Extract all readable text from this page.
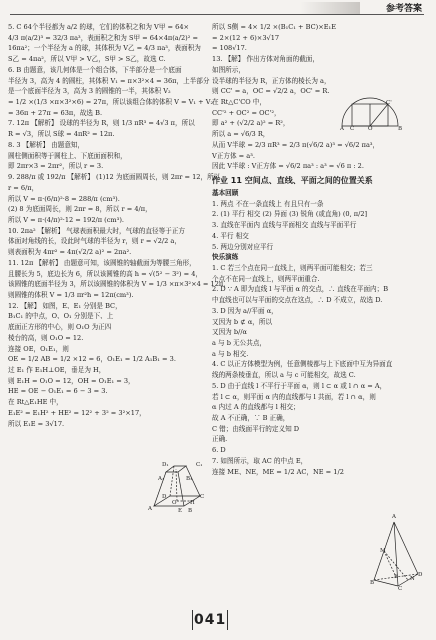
参考答案

5. C 64个半径都为 a/2 的球，它们的体积之和为 V甲 = 64×

4/3 π(a/2)³ = 32/3 πa³，表面积之和为 S甲 = 64×4π(a/2)² =

16πa²；一个半径为 a 的球，其体积为 V乙 = 4/3 πa³，表面积为

S乙 = 4πa²，所以 V甲 > V乙，S甲 > S乙，故选 C.

6. B 由题意，该几何体是一个组合体，下半部分是一个底面

半径为 3，高为 4 的圆柱，其体积 V₁ = π×3²×4 = 36π，上半部分

是一个底面半径为 3，高为 3 的圆锥的一半，其体积 V₂

= 1/2 ×(1/3 ×π×3²×6) = 27π，所以该组合体的体积 V = V₁ + V₂

= 36π + 27π = 63π，故选 B.

7. 12π 【解析】 设球的半径为 R，则 1/3 πR³ = 4√3 π，所以

R = √3，所以 S球 = 4πR² = 12π.

8. 3 【解析】 由题意知，

圆柱侧面积等于圆柱上、下底面面积和，

即 2πr×3 = 2πr²，所以 r = 3.

9. 288/π 或 192/π 【解析】 (1)12 为底面圆周长，则 2πr = 12，所以

r = 6/π，

所以 V = π·(6/π)²·8 = 288/π (cm³).

(2) 8 为底面周长，则 2πr = 8，所以 r = 4/π，

所以 V = π·(4/π)²·12 = 192/π (cm³).

10. 2πa² 【解析】 气球表面积最大时，气球的直径等于正方

体面对角线的长，设此时气球的半径为 r，则 r = √2/2 a，

则表面积为 4πr² = 4π(√2/2 a)² = 2πa².

11. 12π 【解析】 由题意可知，该圆锥的轴截面为等腰三角形，

且腰长为 5，底边长为 6，所以该圆锥的高 h = √(5² − 3²) = 4，

该圆锥的底面半径为 3，所以该圆锥的体积为 V = 1/3 ×π×3²×4 = 12π，

则圆锥的体积 V = 1/3 πr²h = 12π(cm³).

12. 【解】 如图，E、E₁ 分别是 BC，

B₁C₁ 的中点，O、O₁ 分别是下、上

底面正方形的中心，则 O₁O 为正四

棱台的高，则 O₁O = 12.

连接 OE，O₁E₁，则

OE = 1/2 AB = 1/2 ×12 = 6，O₁E₁ = 1/2 A₁B₁ = 3.

过 E₁ 作 E₁H⊥OE，垂足为 H，

则 E₁H = O₁O = 12，OH = O₁E₁ = 3，

HE = OE − O₁E₁ = 6 − 3 = 3.

在 Rt△E₁HE 中，

E₁E² = E₁H² + HE² = 12² + 3² = 3²×17，

所以 E₁E = 3√17.

所以 S侧 = 4× 1/2 ×(B₁C₁ + BC)×E₁E

= 2×(12 + 6)×3√17

= 108√17.

13. 【解】 作出方体对角面的截面，

如图所示，

设半球的半径为 R，正方体的棱长为 a，

则 CC' = a，OC = √2/2 a，OC' = R.

在 Rt△C'CO 中，

CC'² + OC² = OC'²，

即 a² + (√2/2 a)² = R²，

所以 a = √6/3 R，

从而 V半球 = 2/3 πR³ = 2/3 π(√6/2 a)³ = √6/2 πa³，

V正方体 = a³.

因此 V半球 : V正方体 = √6/2 πa³ : a³ = √6 π : 2.

作业 11 空间点、直线、平面之间的位置关系

基本回顾

1. 两点 不在一条直线上 有且只有一条

2. (1) 平行 相交 (2) 异面 (3) 锐角 (或直角) (0, π/2]

3. 直线在平面内 直线与平面相交 直线与平面平行

4. 平行 相交

5. 两边分别对应平行

快乐演练

1. C 若三个点在同一直线上，则两平面可能相交；若三

个点不在同一直线上，则两平面重合.

2. D ∵ A 即为直线 l 与平面 α 的交点，∴ 直线在平面内；B

中直线也可以与平面的交点在这点，∴ D 不成立，故选 D.

3. D 因为 a//平面 α，

又因为 b ⊄ α，所以

又因为 b//α

a 与 b 无公共点，

a 与 b 相交.

4. C 以正方体模型为例，任意侧棱都与上下底面中互为异面直

线的两条棱垂直，所以 a 与 c 可能相交，故选 C.

5. D 由于直线 l 不平行于平面 α，则 l ⊂ α 或 l ∩ α = A，

若 l ⊂ α，则平面 α 内的直线都与 l 共面，若 l ∩ α，则

α 内过 A 的直线都与 l 相交；

故 A 不正确，∵ B 正确，

C 错；由线面平行的定义知 D

正确.

6. D

7. 如图所示，取 AC 的中点 E，

连接 ME、NE，ME = 1/2 AC，NE = 1/2

D₁	C₁
A₁	B₁
D	C
A	E B
O H
A C	O
C'
B
A
B
C
D
M
N
E
041
